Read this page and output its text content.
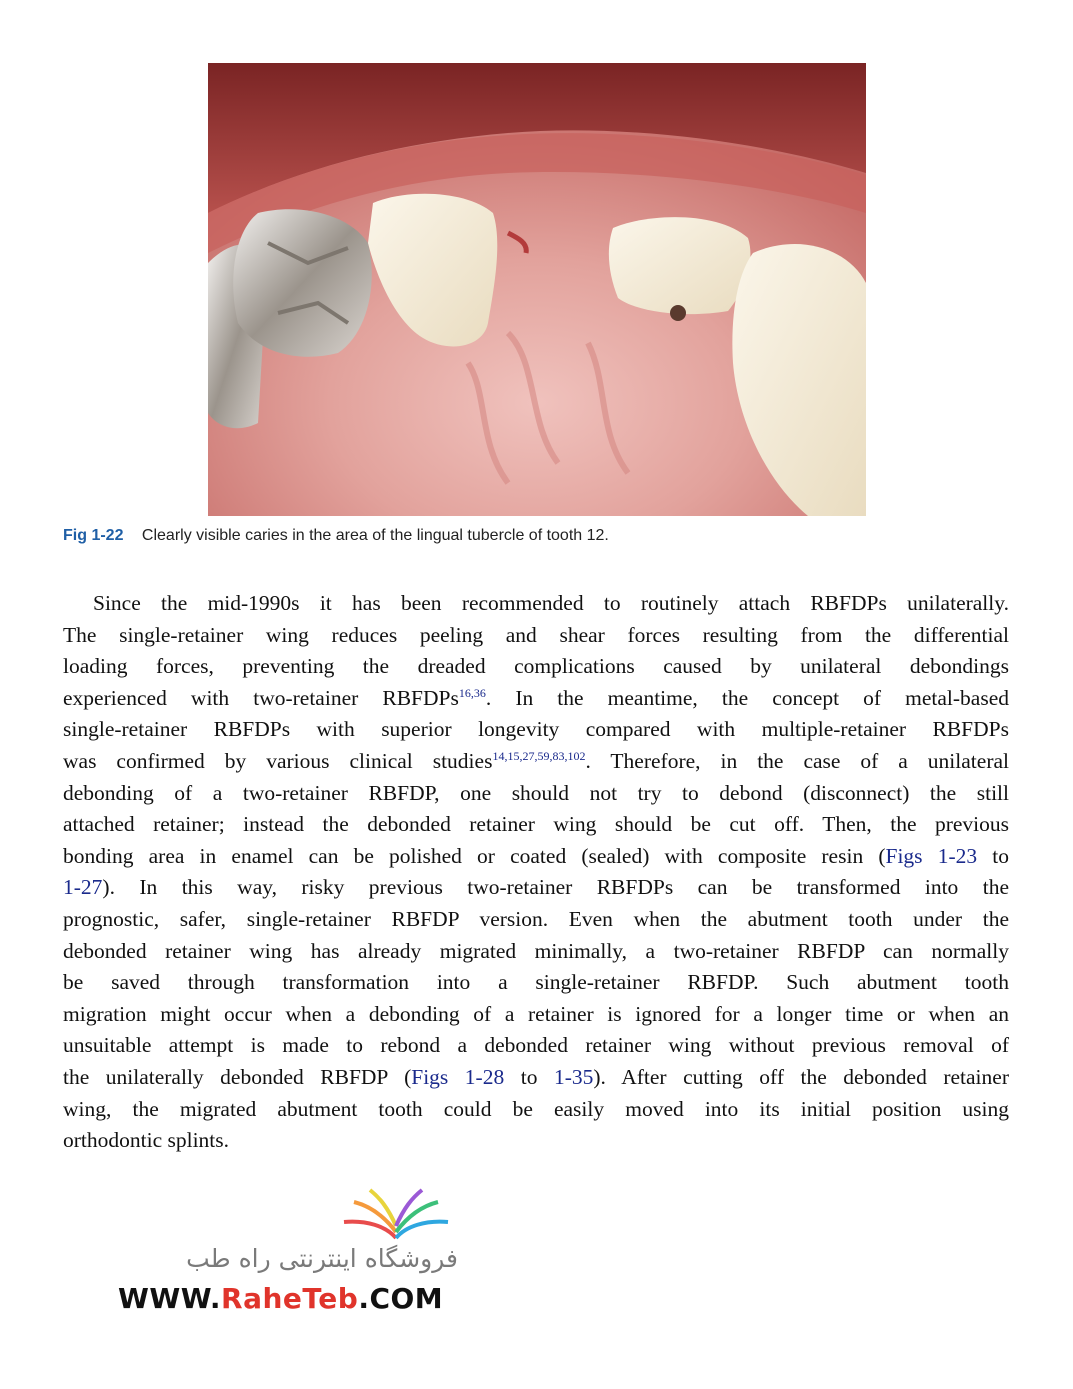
Fig 1-22 Clearly visible caries in the area of the lingual tubercle of tooth 12.
Since the mid-1990s it has been recommended to routinely attach RBFDPs unilaterally.
The single-retainer wing reduces peeling and shear forces resulting from the differential
loading forces, preventing the dreaded complications caused by unilateral debondings
experienced with two-retainer RBFDPs$^{16,36}$. In the meantime, the concept of metal-based
single-retainer RBFDPs with superior longevity compared with multiple-retainer RBFDPs
was confirmed by various clinical studies$^{14,15,27,59,83,102}$. Therefore, in the case of a unilateral
debonding of a two-retainer RBFDP, one should not try to debond (disconnect) the still
attached retainer; instead the debonded retainer wing should be cut off. Then, the previous
bonding area in enamel can be polished or coated (sealed) with composite resin (Figs 1-23 to
1-27). In this way, risky previous two-retainer RBFDPs can be transformed into the
prognostic, safer, single-retainer RBFDP version. Even when the abutment tooth under the
debonded retainer wing has already migrated minimally, a two-retainer RBFDP can normally
be saved through transformation into a single-retainer RBFDP. Such abutment tooth
migration might occur when a debonding of a retainer is ignored for a longer time or when an
unsuitable attempt is made to rebond a debonded retainer wing without previous removal of
the unilaterally debonded RBFDP (Figs 1-28 to 1-35). After cutting off the debonded retainer
wing, the migrated abutment tooth could be easily moved into its initial position using
orthodontic splints.
فروشگاه اینترنتی راه طب
WWW.RaheTeb.COM
